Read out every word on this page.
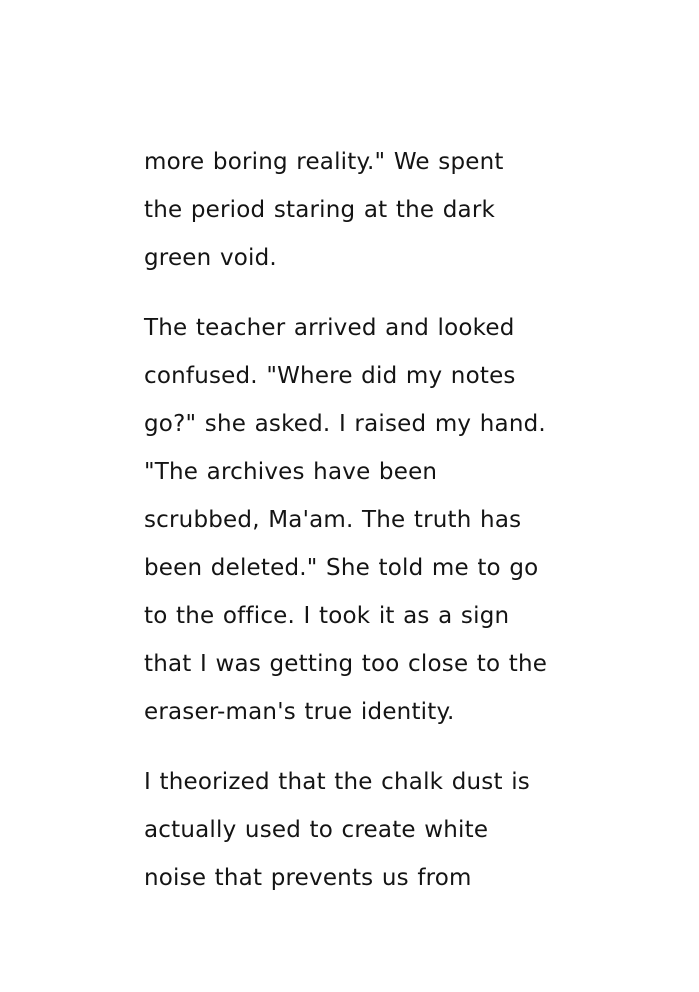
more boring reality." We spent the period staring at the dark green void.

The teacher arrived and looked confused. "Where did my notes go?" she asked. I raised my hand. "The archives have been scrubbed, Ma'am. The truth has been deleted." She told me to go to the office. I took it as a sign that I was getting too close to the eraser-man's true identity.

I theorized that the chalk dust is actually used to create white noise that prevents us from
